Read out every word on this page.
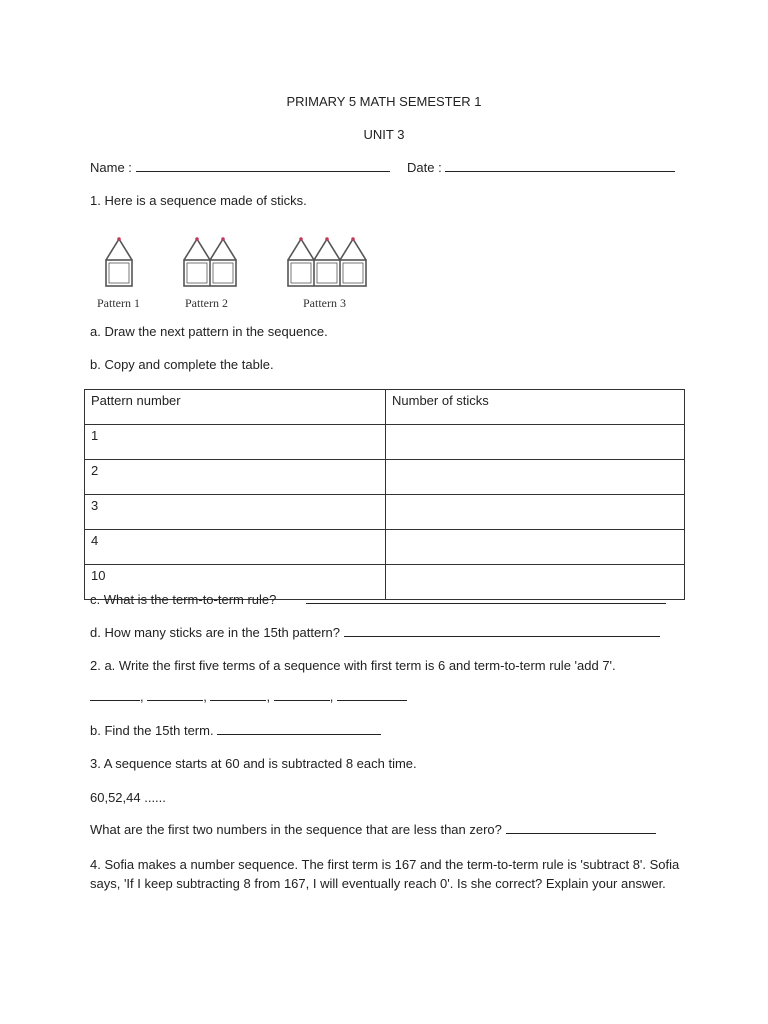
PRIMARY 5 MATH SEMESTER 1
UNIT 3
Name :	Date :
1. Here is a sequence made of sticks.
Pattern 1	Pattern 2	Pattern 3
a. Draw the next pattern in the sequence.
b. Copy and complete the table.
Pattern number	Number of sticks
1	
2	
3	
4	
10	
c. What is the term-to-term rule?
d. How many sticks are in the 15th pattern?
2. a. Write the first five terms of a sequence with first term is 6 and term-to-term rule 'add 7'.
,	,	,	,
b. Find the 15th term.
3. A sequence starts at 60 and is subtracted 8 each time.
60,52,44 ......
What are the first two numbers in the sequence that are less than zero?
4. Sofia makes a number sequence. The first term is 167 and the term-to-term rule is 'subtract 8'. Sofia says, 'If I keep subtracting 8 from 167, I will eventually reach 0'. Is she correct? Explain your answer.
